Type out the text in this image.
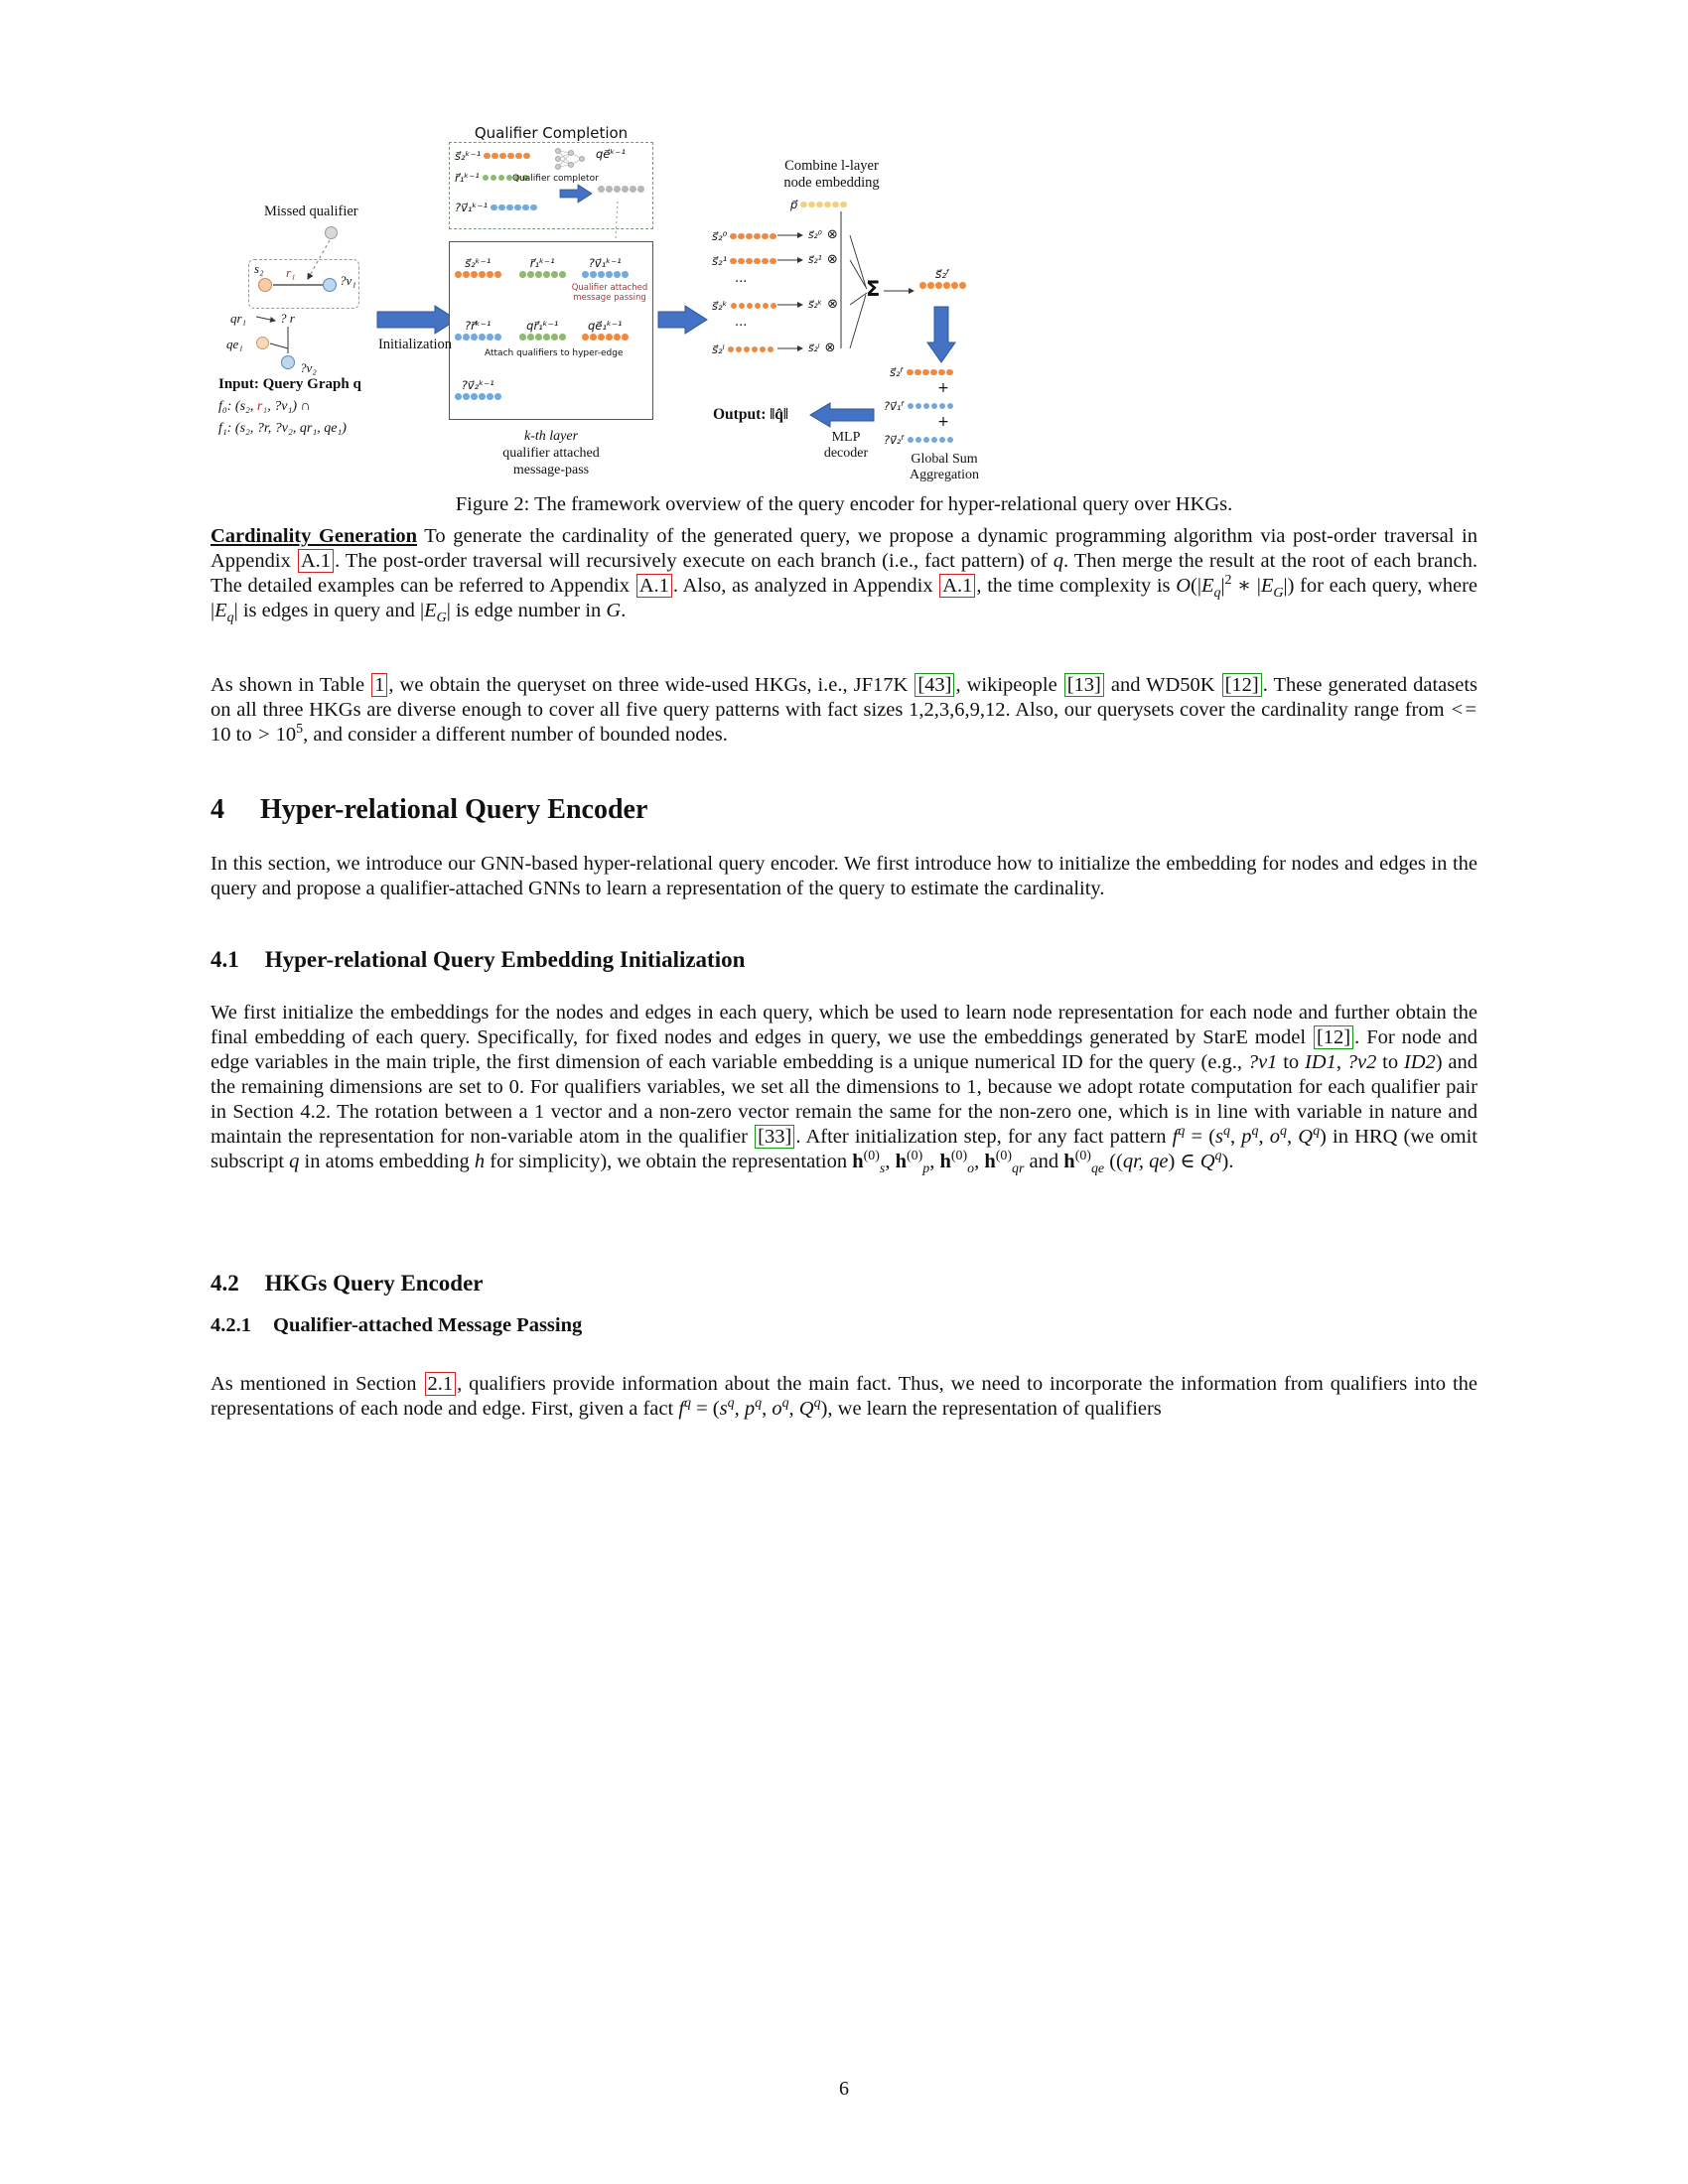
Qualifier Completion
s⃗₂ᵏ⁻¹	qe⃗ᵏ⁻¹
r⃗₁ᵏ⁻¹	Qualifier completor
?v⃗₁ᵏ⁻¹
Missed qualifier
s₂ r₁
?v₁
qr₁	? r
qe₁
?v₂
Input: Query Graph q
f₀: (s₂, r₁, ?v₁) ∩
f₁: (s₂, ?r, ?v₂, qr₁, qe₁)
Initialization
s⃗₂ᵏ⁻¹	r⃗₁ᵏ⁻¹	?v⃗₁ᵏ⁻¹
Qualifier attached
message passing
?r⃗ᵏ⁻¹	qr⃗₁ᵏ⁻¹	qe⃗₁ᵏ⁻¹
Attach qualifiers to hyper-edge
?v⃗₂ᵏ⁻¹
k-th layer
qualifier attached
message-pass
Combine l-layer
node embedding
p⃗
s⃗₂⁰
s⃗₂¹
...
s⃗₂ᵏ
...
s⃗₂ˡ
s⃗₂⁰ ⊗
s⃗₂¹ ⊗
s⃗₂ᵏ ⊗
s⃗₂ˡ ⊗
Σ
s⃗₂ᶠ
s⃗₂ᶠ
+
?v⃗₁ᶠ
+
?v⃗₂ᶠ
Global Sum
Aggregation
Output: ‖q̂‖
MLP
decoder
Figure 2: The framework overview of the query encoder for hyper-relational query over HKGs.

Cardinality Generation To generate the cardinality of the generated query, we propose a dynamic programming algorithm via post-order traversal in Appendix A.1 . The post-order traversal will recursively execute on each branch (i.e., fact pattern) of q. Then merge the result at the root of each branch. The detailed examples can be referred to Appendix A.1 . Also, as analyzed in Appendix A.1 , the time complexity is $O(|E_q|^2$ ∗ $|E_G|$) for each query, where $|E_q|$ is edges in query and $|E_G|$ is edge number in G.

As shown in Table 1 , we obtain the queryset on three wide-used HKGs, i.e., JF17K [43] , wikipeople [13] and WD50K [12] . These generated datasets on all three HKGs are diverse enough to cover all five query patterns with fact sizes 1,2,3,6,9,12. Also, our querysets cover the cardinality range from <= 10 to > $10^5$, and consider a different number of bounded nodes.

4 Hyper-relational Query Encoder

In this section, we introduce our GNN-based hyper-relational query encoder. We first introduce how to initialize the embedding for nodes and edges in the query and propose a qualifier-attached GNNs to learn a representation of the query to estimate the cardinality.

4.1 Hyper-relational Query Embedding Initialization

We first initialize the embeddings for the nodes and edges in each query, which be used to learn node representation for each node and further obtain the final embedding of each query. Specifically, for fixed nodes and edges in query, we use the embeddings generated by StarE model [12] . For node and edge variables in the main triple, the first dimension of each variable embedding is a unique numerical ID for the query (e.g., ?v1 to ID1, ?v2 to ID2) and the remaining dimensions are set to 0. For qualifiers variables, we set all the dimensions to 1, because we adopt rotate computation for each qualifier pair in Section 4.2. The rotation between a 1 vector and a non-zero vector remain the same for the non-zero one, which is in line with variable in nature and maintain the representation for non-variable atom in the qualifier [33] . After initialization step, for any fact pattern $f^q = (s^q$, $p^q$, $o^q$, $Q^q$) in HRQ (we omit subscript q in atoms embedding h for simplicity), we obtain the representation $h^{(0)}_s$, $h^{(0)}_p$, $h^{(0)}_o$, $h^{(0)}_{qr}$ and $h^{(0)}_{qe}$ ((qr, qe) ∈ $Q^q$).

4.2 HKGs Query Encoder
4.2.1 Qualifier-attached Message Passing

As mentioned in Section 2.1 , qualifiers provide information about the main fact. Thus, we need to incorporate the information from qualifiers into the representations of each node and edge. First, given a fact $f^q = (s^q$, $p^q$, $o^q$, $Q^q$), we learn the representation of qualifiers

6
